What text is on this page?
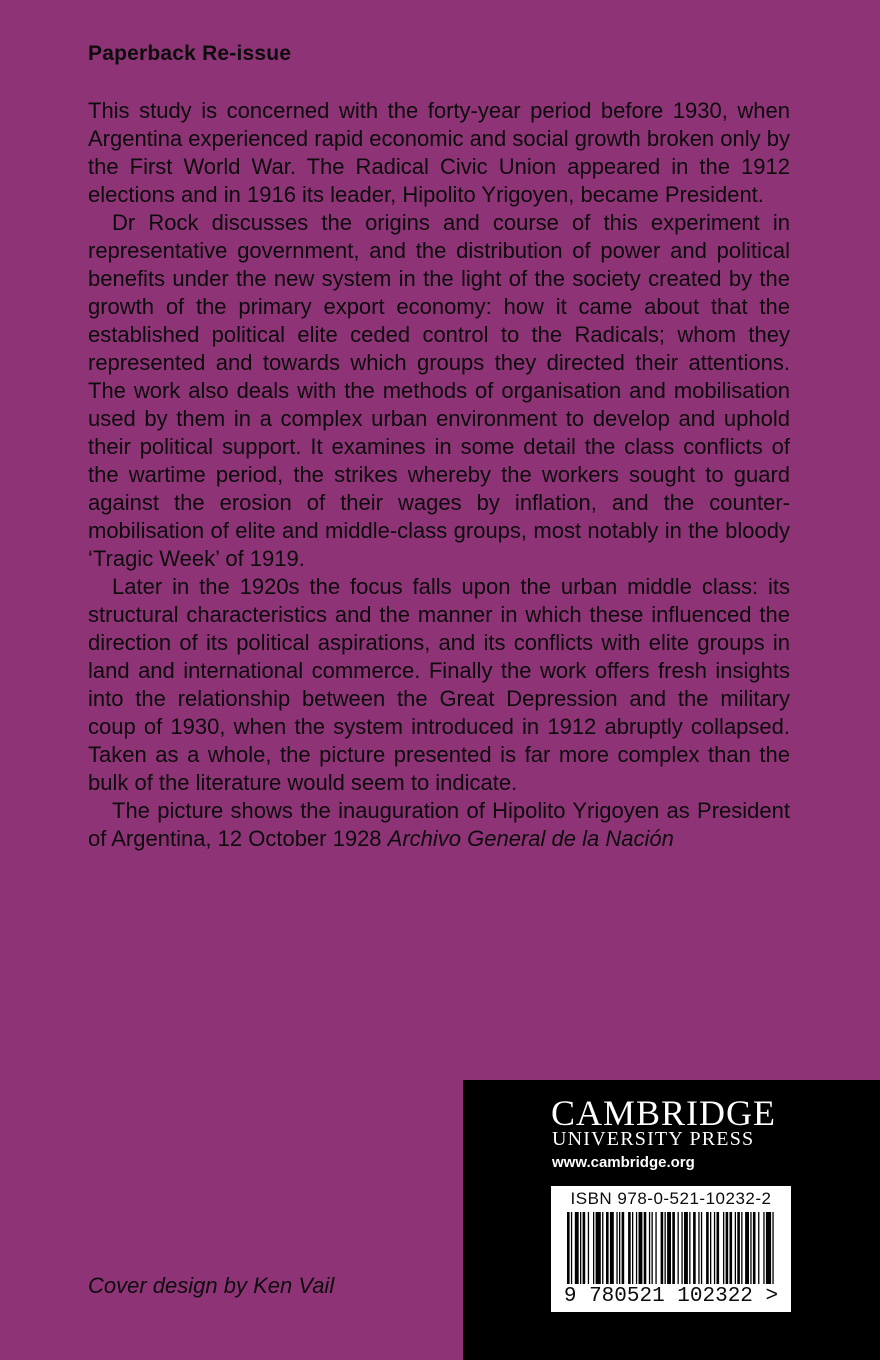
Paperback Re-issue

This study is concerned with the forty-year period before 1930, when Argentina experienced rapid economic and social growth broken only by the First World War. The Radical Civic Union appeared in the 1912 elections and in 1916 its leader, Hipolito Yrigoyen, became President.

Dr Rock discusses the origins and course of this experiment in representative government, and the distribution of power and political benefits under the new system in the light of the society created by the growth of the primary export economy: how it came about that the established political elite ceded control to the Radicals; whom they represented and towards which groups they directed their attentions. The work also deals with the methods of organisation and mobilisation used by them in a complex urban environment to develop and uphold their political support. It examines in some detail the class conflicts of the wartime period, the strikes whereby the workers sought to guard against the erosion of their wages by inflation, and the counter-mobilisation of elite and middle-class groups, most notably in the bloody ‘Tragic Week’ of 1919.

Later in the 1920s the focus falls upon the urban middle class: its structural characteristics and the manner in which these influenced the direction of its political aspirations, and its conflicts with elite groups in land and international commerce. Finally the work offers fresh insights into the relationship between the Great Depression and the military coup of 1930, when the system introduced in 1912 abruptly collapsed. Taken as a whole, the picture presented is far more complex than the bulk of the literature would seem to indicate.

The picture shows the inauguration of Hipolito Yrigoyen as President of Argentina, 12 October 1928 Archivo General de la Nación

Cover design by Ken Vail
CAMBRIDGE
UNIVERSITY PRESS
www.cambridge.org
ISBN 978-0-521-10232-2
9 780521 102322 >
